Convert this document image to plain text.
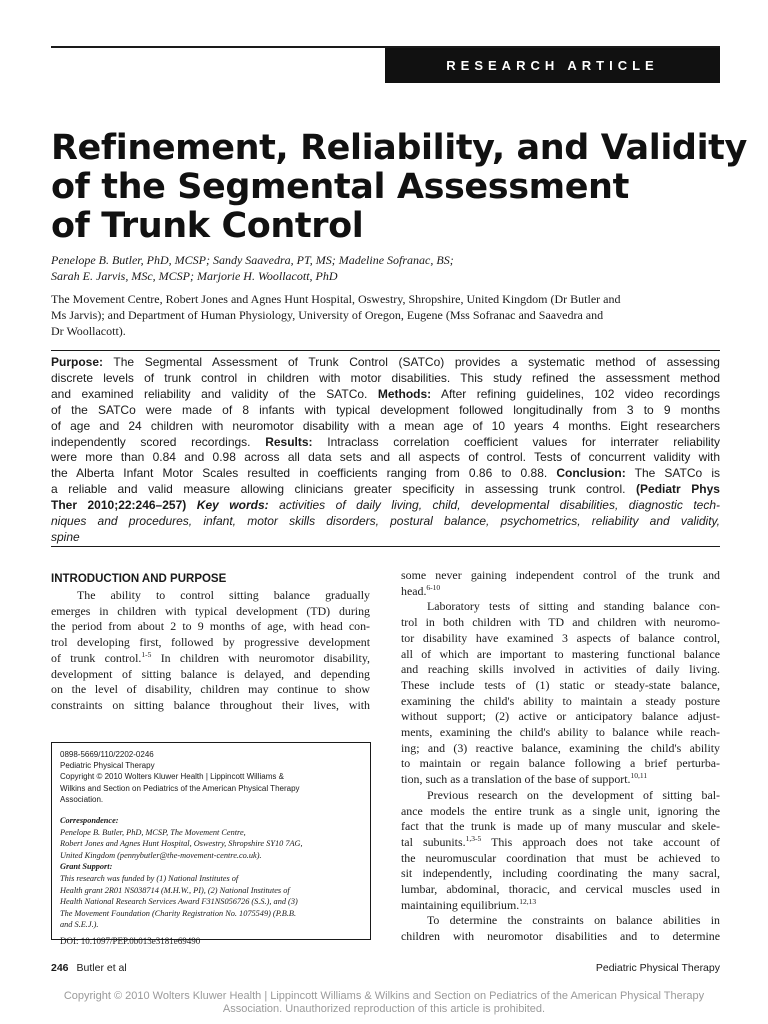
RESEARCH ARTICLE
Refinement, Reliability, and Validity
of the Segmental Assessment
of Trunk Control
Penelope B. Butler, PhD, MCSP; Sandy Saavedra, PT, MS; Madeline Sofranac, BS;
Sarah E. Jarvis, MSc, MCSP; Marjorie H. Woollacott, PhD
The Movement Centre, Robert Jones and Agnes Hunt Hospital, Oswestry, Shropshire, United Kingdom (Dr Butler and
Ms Jarvis); and Department of Human Physiology, University of Oregon, Eugene (Mss Sofranac and Saavedra and
Dr Woollacott).
Purpose: The Segmental Assessment of Trunk Control (SATCo) provides a systematic method of assessing
discrete levels of trunk control in children with motor disabilities. This study refined the assessment method
and examined reliability and validity of the SATCo. Methods: After refining guidelines, 102 video recordings
of the SATCo were made of 8 infants with typical development followed longitudinally from 3 to 9 months
of age and 24 children with neuromotor disability with a mean age of 10 years 4 months. Eight researchers
independently scored recordings. Results: Intraclass correlation coefficient values for interrater reliability
were more than 0.84 and 0.98 across all data sets and all aspects of control. Tests of concurrent validity with
the Alberta Infant Motor Scales resulted in coefficients ranging from 0.86 to 0.88. Conclusion: The SATCo is
a reliable and valid measure allowing clinicians greater specificity in assessing trunk control. (Pediatr Phys
Ther 2010;22:246–257) Key words: activities of daily living, child, developmental disabilities, diagnostic tech-
niques and procedures, infant, motor skills disorders, postural balance, psychometrics, reliability and validity,
spine
INTRODUCTION AND PURPOSE
The ability to control sitting balance gradually
emerges in children with typical development (TD) during
the period from about 2 to 9 months of age, with head con-
trol developing first, followed by progressive development
of trunk control.$^{1-5}$ In children with neuromotor disability,
development of sitting balance is delayed, and depending
on the level of disability, children may continue to show
constraints on sitting balance throughout their lives, with
0898-5669/110/2202-0246
Pediatric Physical Therapy
Copyright © 2010 Wolters Kluwer Health | Lippincott Williams &
Wilkins and Section on Pediatrics of the American Physical Therapy
Association.
Correspondence:
Penelope B. Butler, PhD, MCSP, The Movement Centre,
Robert Jones and Agnes Hunt Hospital, Oswestry, Shropshire SY10 7AG,
United Kingdom (pennybutler@the-movement-centre.co.uk).
Grant Support:
This research was funded by (1) National Institutes of
Health grant 2R01 NS038714 (M.H.W., PI), (2) National Institutes of
Health National Research Services Award F31NS056726 (S.S.), and (3)
The Movement Foundation (Charity Registration No. 1075549) (P.B.B.
and S.E.J.).
DOI: 10.1097/PEP.0b013e3181e69490
some never gaining independent control of the trunk and
head.$^{6-10}$
Laboratory tests of sitting and standing balance con-
trol in both children with TD and children with neuromo-
tor disability have examined 3 aspects of balance control,
all of which are important to mastering functional balance
and reaching skills involved in activities of daily living.
These include tests of (1) static or steady-state balance,
examining the child's ability to maintain a steady posture
without support; (2) active or anticipatory balance adjust-
ments, examining the child's ability to balance while reach-
ing; and (3) reactive balance, examining the child's ability
to maintain or regain balance following a brief perturba-
tion, such as a translation of the base of support.$^{10,11}$
Previous research on the development of sitting bal-
ance models the entire trunk as a single unit, ignoring the
fact that the trunk is made up of many muscular and skele-
tal subunits.$^{1,3-5}$ This approach does not take account of
the neuromuscular coordination that must be achieved to
sit independently, including coordinating the many sacral,
lumbar, abdominal, thoracic, and cervical muscles used in
maintaining equilibrium.$^{12,13}$
To determine the constraints on balance abilities in
children with neuromotor disabilities and to determine
246 Butler et al	Pediatric Physical Therapy
Copyright © 2010 Wolters Kluwer Health | Lippincott Williams & Wilkins and Section on Pediatrics of the American Physical Therapy
Association. Unauthorized reproduction of this article is prohibited.
